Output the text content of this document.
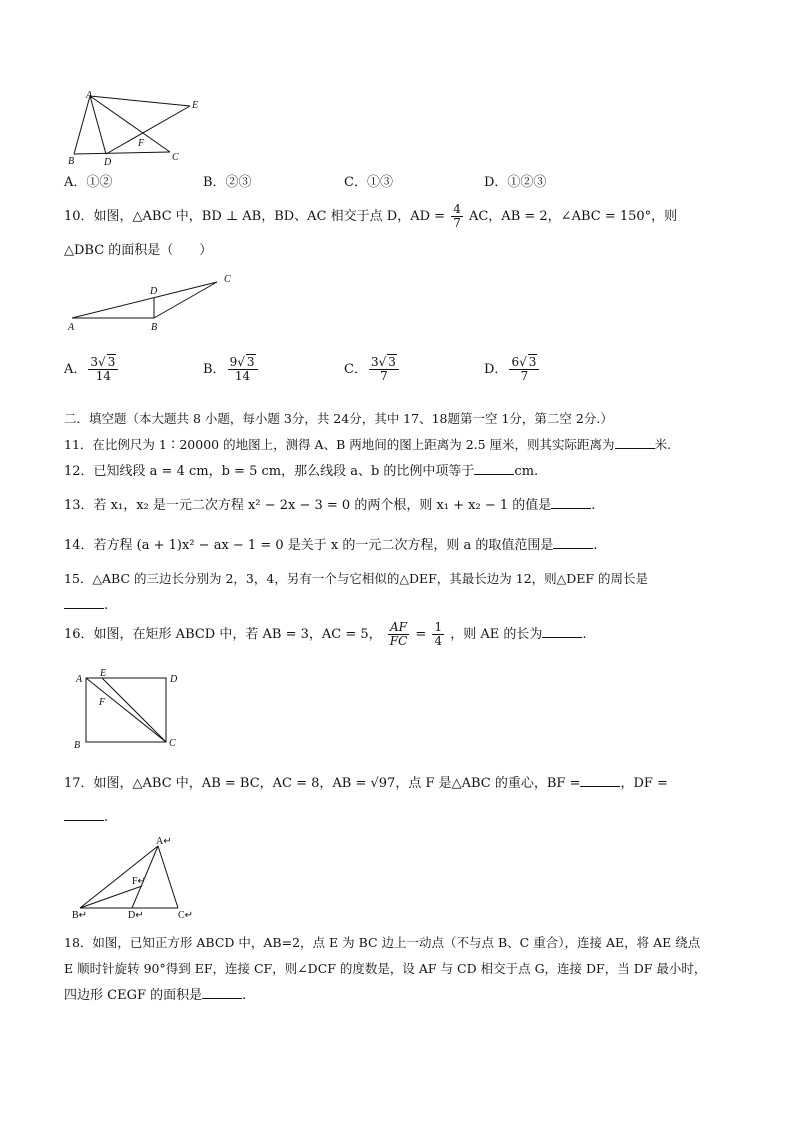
A
E
F
B	D	C
A．①②	B．②③	C．①③	D．①②③
10．如图，△ABC 中，BD ⊥ AB，BD、AC 相交于点 D，AD = $\frac{4}{7}$ AC，AB = 2，∠ABC = 150°，则
△DBC 的面积是（　　）
A	B
C
D
A． $\frac{3√ 3}{14}$	B． $\frac{9√ 3}{14}$	C． $\frac{3√ 3}{7}$	D． $\frac{6√ 3}{7}$
二．填空题（本大题共 8 小题，每小题 3分，共 24分，其中 17、18题第一空 1分，第二空 2分.）
11．在比例尺为 1∶20000 的地图上，测得 A、B 两地间的图上距离为 2.5 厘米，则其实际距离为	米.
12．已知线段 a = 4 cm，b = 5 cm，那么线段 a、b 的比例中项等于	cm.
13．若 x₁，x₂ 是一元二次方程 x² − 2x − 3 = 0 的两个根，则 x₁ + x₂ − 1 的值是	.
14．若方程 (a + 1)x² − ax − 1 = 0 是关于 x 的一元二次方程，则 a 的取值范围是	.
15．△ABC 的三边长分别为 2，3，4，另有一个与它相似的△DEF，其最长边为 12，则△DEF 的周长是
.
16．如图，在矩形 ABCD 中，若 AB = 3，AC = 5， $\frac{AF}{FC} = \frac{1}{4}$ ，则 AE 的长为	.
A
E
D
F
B	C
17．如图，△ABC 中，AB = BC，AC = 8，AB = √97，点 F 是△ABC 的重心，BF =	，DF =
.
A↵
F↵
B↵	D↵	C↵
18．如图，已知正方形 ABCD 中，AB=2，点 E 为 BC 边上一动点（不与点 B、C 重合），连接 AE，将 AE 绕点
E 顺时针旋转 90°得到 EF，连接 CF，则∠DCF 的度数是，设 AF 与 CD 相交于点 G，连接 DF，当 DF 最小时，
四边形 CEGF 的面积是	.
